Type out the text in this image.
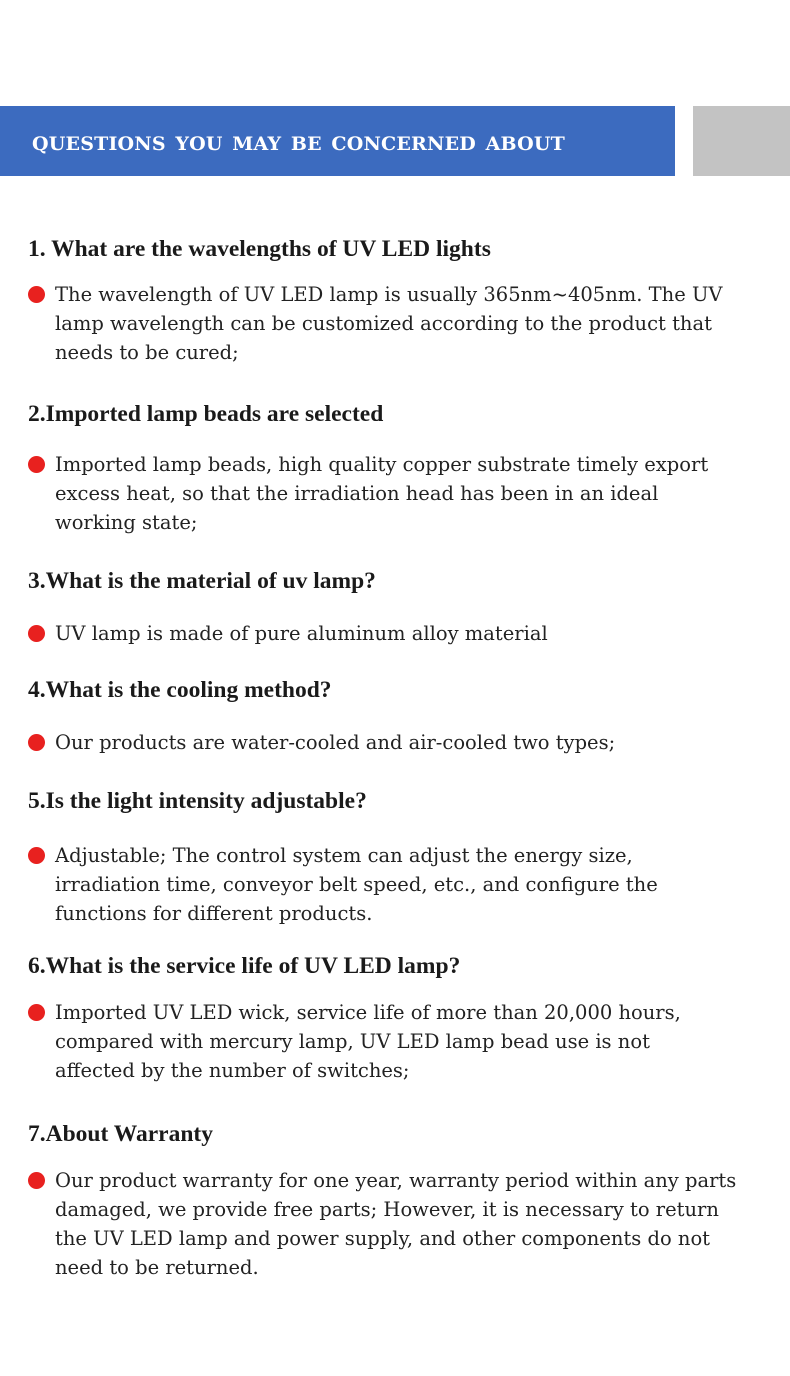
questions you may be concerned about
1. What are the wavelengths of UV LED lights
The wavelength of UV LED lamp is usually 365nm~405nm. The UV lamp wavelength can be customized according to the product that needs to be cured;
2.Imported lamp beads are selected
Imported lamp beads, high quality copper substrate timely export excess heat, so that the irradiation head has been in an ideal working state;
3.What is the material of uv lamp?
UV lamp is made of pure aluminum alloy material
4.What is the cooling method?
Our products are water-cooled and air-cooled two types;
5.Is the light intensity adjustable?
Adjustable; The control system can adjust the energy size, irradiation time, conveyor belt speed, etc., and configure the functions for different products.
6.What is the service life of UV LED lamp?
Imported UV LED wick, service life of more than 20,000 hours, compared with mercury lamp, UV LED lamp bead use is not affected by the number of switches;
7.About Warranty
Our product warranty for one year, warranty period within any parts damaged, we provide free parts; However, it is necessary to return the UV LED lamp and power supply, and other components do not need to be returned.
